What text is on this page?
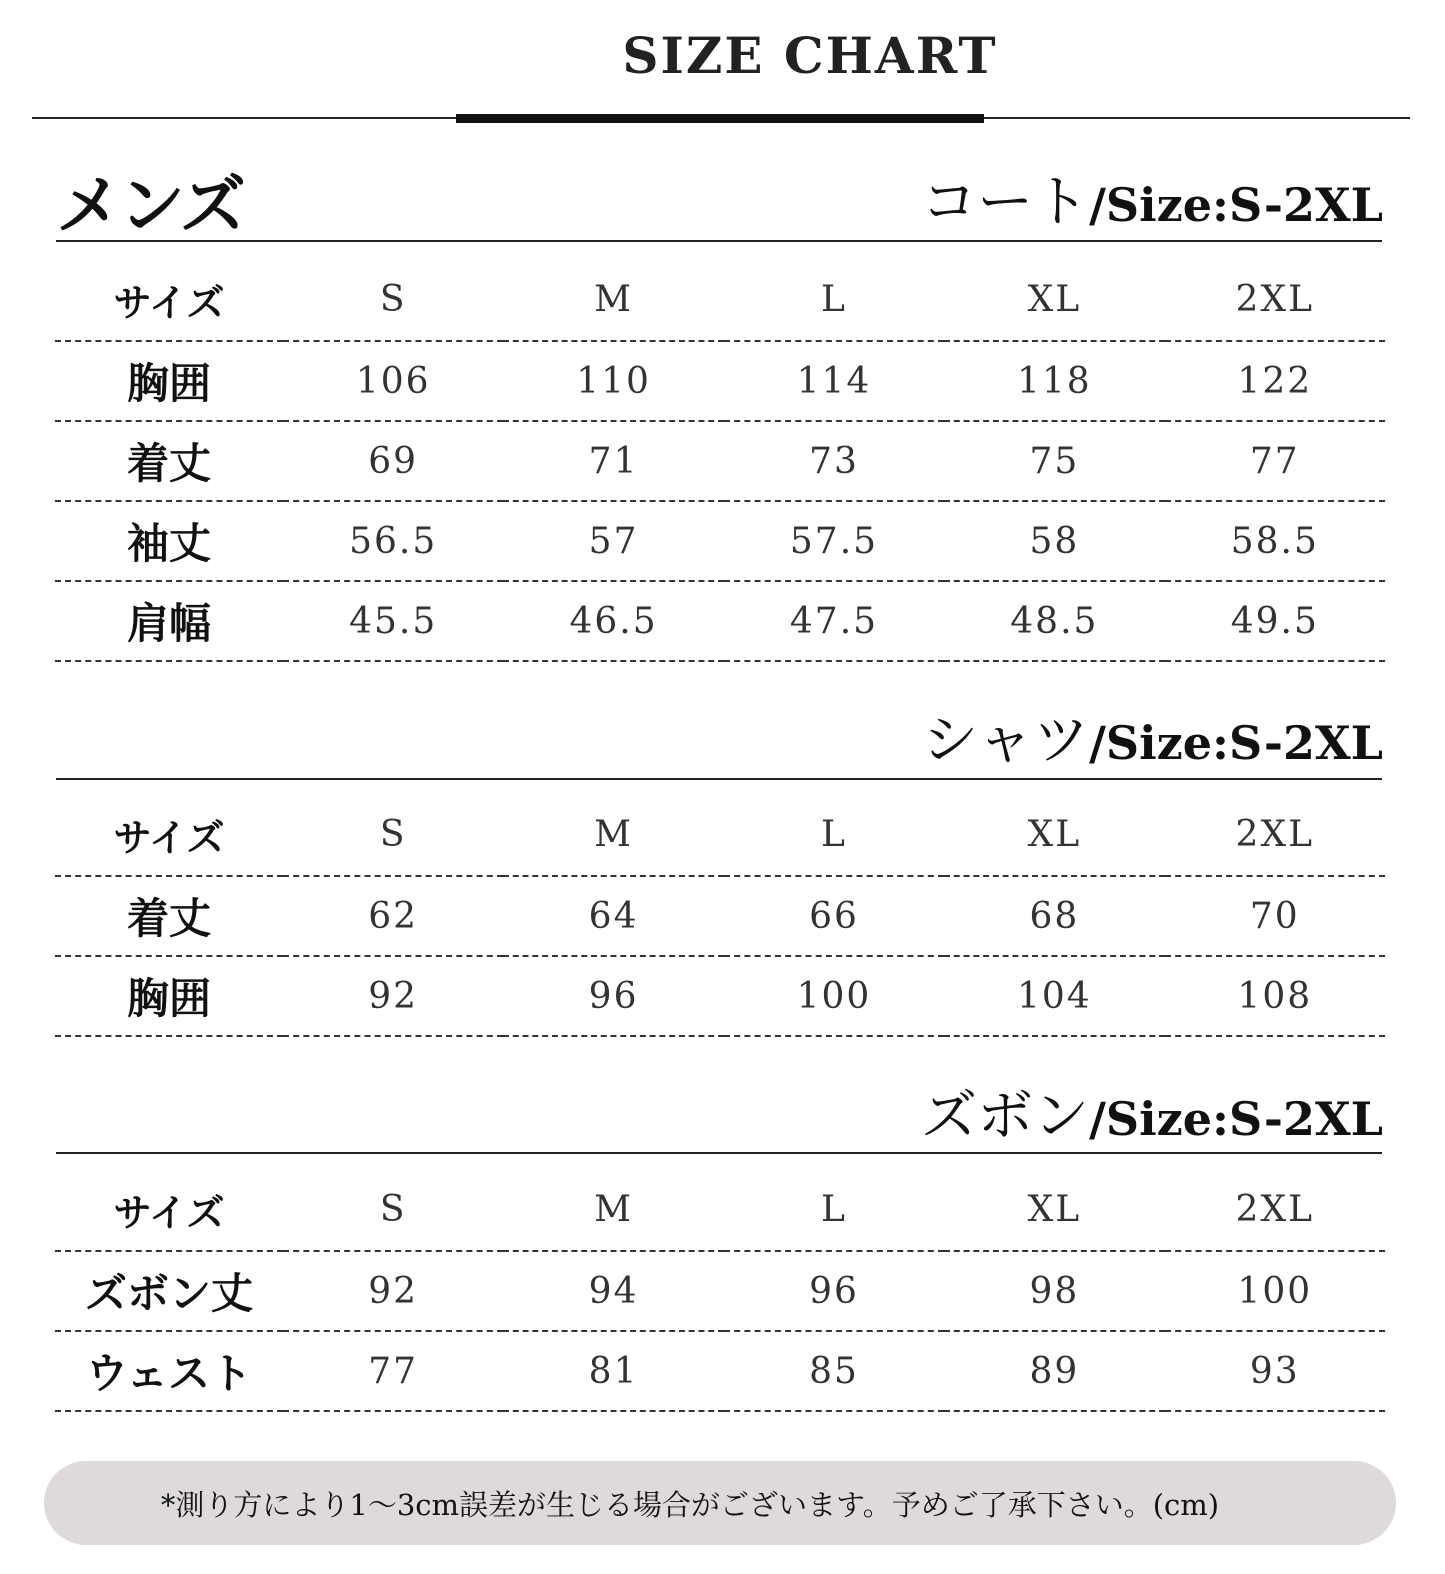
SIZE CHART
メンズ	コート/Size:S-2XL
サイズ	S	M	L	XL	2XL
胸囲	106	110	114	118	122
着丈	69	71	73	75	77
袖丈	56.5	57	57.5	58	58.5
肩幅	45.5	46.5	47.5	48.5	49.5
シャツ/Size:S-2XL
サイズ	S	M	L	XL	2XL
着丈	62	64	66	68	70
胸囲	92	96	100	104	108
ズボン/Size:S-2XL
サイズ	S	M	L	XL	2XL
ズボン丈	92	94	96	98	100
ウェスト	77	81	85	89	93
*測り方により1～3cm誤差が生じる場合がございます。予めご了承下さい。(cm)
